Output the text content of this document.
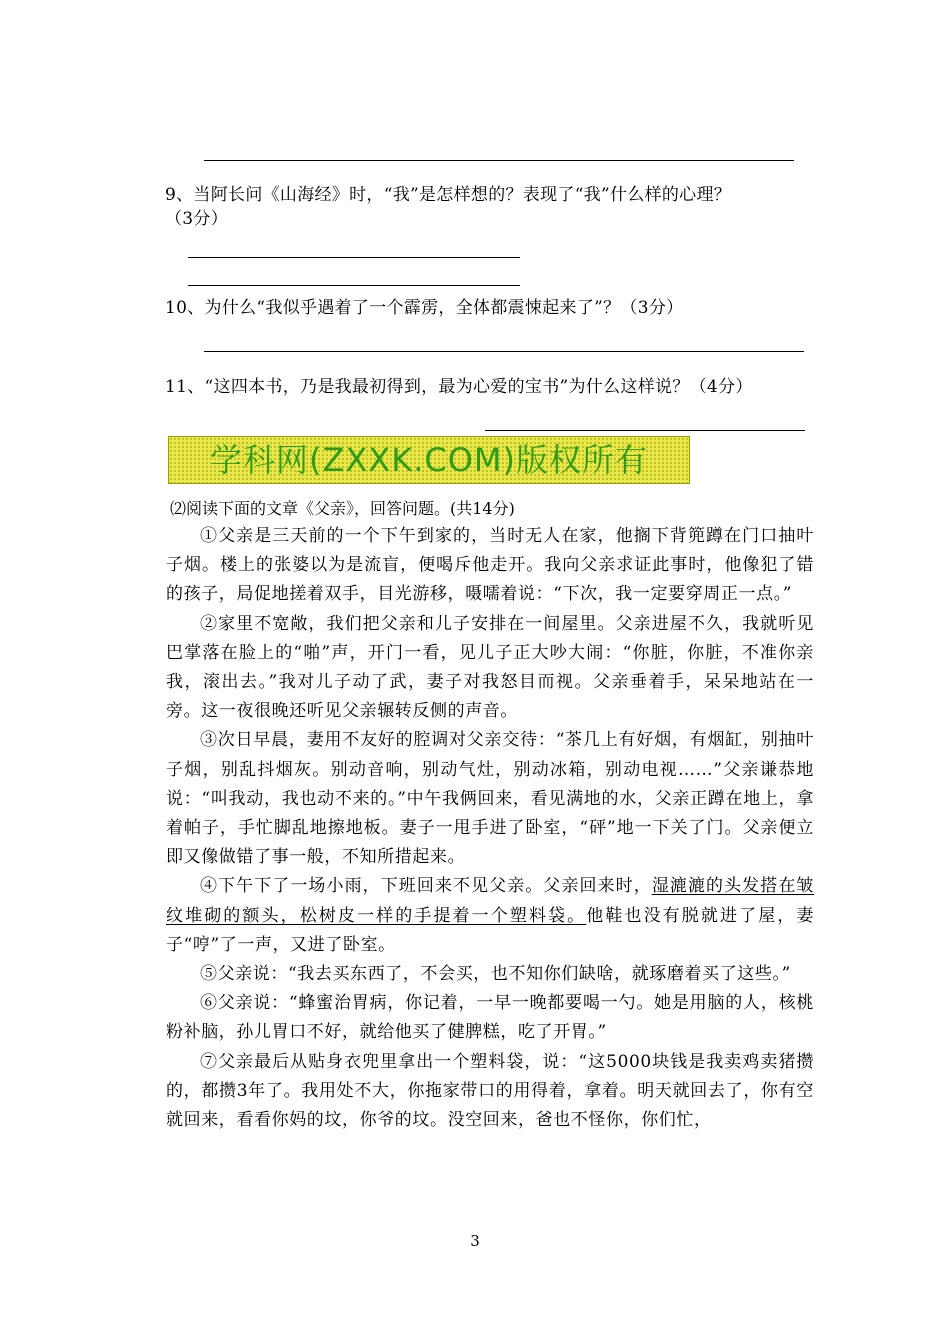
9、当阿长问《山海经》时，“我”是怎样想的？表现了“我”什么样的心理？
（3分）
10、为什么“我似乎遇着了一个霹雳，全体都震悚起来了”？（3分）
11、“这四本书，乃是我最初得到，最为心爱的宝书”为什么这样说？（4分）
学科网(ZXXK.COM)版权所有
⑵阅读下面的文章《父亲》，回答问题。(共14分)

①父亲是三天前的一个下午到家的，当时无人在家，他搁下背篼蹲在门口抽叶子烟。楼上的张婆以为是流盲，便喝斥他走开。我向父亲求证此事时，他像犯了错的孩子，局促地搓着双手，目光游移，嗫嚅着说：“下次，我一定要穿周正一点。”

②家里不宽敞，我们把父亲和儿子安排在一间屋里。父亲进屋不久，我就听见巴掌落在脸上的“啪”声，开门一看，见儿子正大吵大闹：“你脏，你脏，不准你亲我，滚出去。”我对儿子动了武，妻子对我怒目而视。父亲垂着手，呆呆地站在一旁。这一夜很晚还听见父亲辗转反侧的声音。

③次日早晨，妻用不友好的腔调对父亲交待：“茶几上有好烟，有烟缸，别抽叶子烟，别乱抖烟灰。别动音响，别动气灶，别动冰箱，别动电视……”父亲谦恭地说：“叫我动，我也动不来的。”中午我俩回来，看见满地的水，父亲正蹲在地上，拿着帕子，手忙脚乱地擦地板。妻子一甩手进了卧室，“砰”地一下关了门。父亲便立即又像做错了事一般，不知所措起来。

④下午下了一场小雨，下班回来不见父亲。父亲回来时，湿漉漉的头发搭在皱纹堆砌的额头，松树皮一样的手提着一个塑料袋。他鞋也没有脱就进了屋，妻子“哼”了一声，又进了卧室。

⑤父亲说：“我去买东西了，不会买，也不知你们缺啥，就琢磨着买了这些。”

⑥父亲说：“蜂蜜治胃病，你记着，一早一晚都要喝一勺。她是用脑的人，核桃粉补脑，孙儿胃口不好，就给他买了健脾糕，吃了开胃。”

⑦父亲最后从贴身衣兜里拿出一个塑料袋，说：“这5000块钱是我卖鸡卖猪攒的，都攒3年了。我用处不大，你拖家带口的用得着，拿着。明天就回去了，你有空就回来，看看你妈的坟，你爷的坟。没空回来，爸也不怪你，你们忙，

3
